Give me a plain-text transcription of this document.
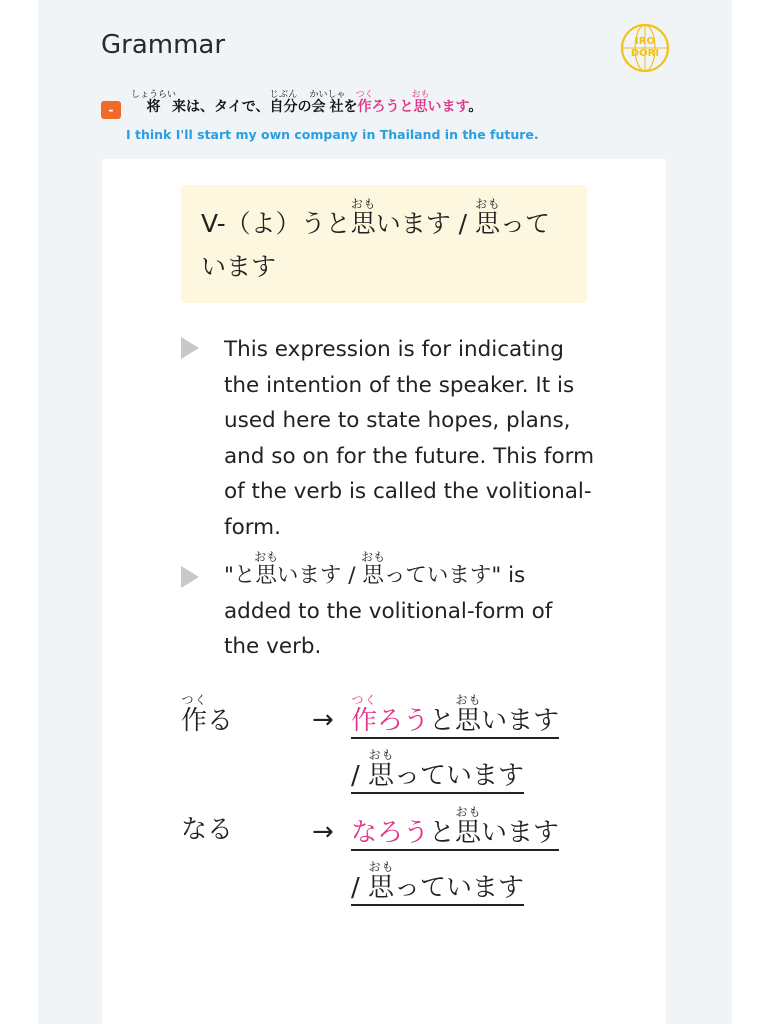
Grammar	IRO
DORI
-	将しょうらい来は、タイで、自分じぶんの会社かいしゃを作つくろうと思おもいます。
I think I'll start my own company in Thailand in the future.
V-（よ）うと思おもいます / 思おもっています
This expression is for indicating the intention of the speaker. It is used here to state hopes, plans, and so on for the future. This form of the verb is called the volitional-form.
"と思おもいます / 思おもっています" is added to the volitional-form of the verb.
作つくる	→ 作つくろうと思おもいます
/ 思おもっています
なる	→ なろうと思おもいます
/ 思おもっています
